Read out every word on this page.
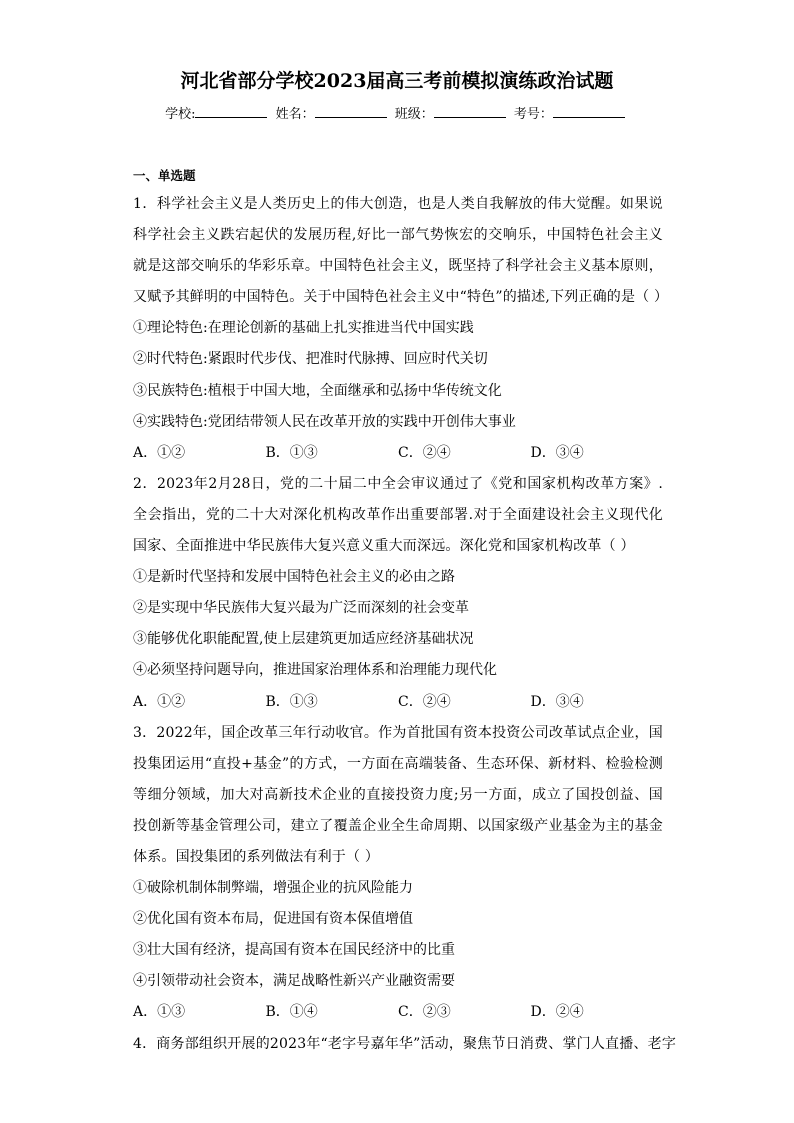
河北省部分学校2023届高三考前模拟演练政治试题
学校:	姓名：	班级：	考号：
一、单选题
1．科学社会主义是人类历史上的伟大创造，也是人类自我解放的伟大觉醒。如果说科学社会主义跌宕起伏的发展历程,好比一部气势恢宏的交响乐，中国特色社会主义就是这部交响乐的华彩乐章。中国特色社会主义，既坚持了科学社会主义基本原则，又赋予其鲜明的中国特色。关于中国特色社会主义中“特色”的描述,下列正确的是（ ）
①理论特色:在理论创新的基础上扎实推进当代中国实践
②时代特色:紧跟时代步伐、把准时代脉搏、回应时代关切
③民族特色:植根于中国大地，全面继承和弘扬中华传统文化
④实践特色:党团结带领人民在改革开放的实践中开创伟大事业
A．①②	B．①③	C．②④	D．③④
2．2023年2月28日，党的二十届二中全会审议通过了《党和国家机构改革方案》.全会指出，党的二十大对深化机构改革作出重要部署.对于全面建设社会主义现代化国家、全面推进中华民族伟大复兴意义重大而深远。深化党和国家机构改革（ ）
①是新时代坚持和发展中国特色社会主义的必由之路
②是实现中华民族伟大复兴最为广泛而深刻的社会变革
③能够优化职能配置,使上层建筑更加适应经济基础状况
④必须坚持问题导向，推进国家治理体系和治理能力现代化
A．①②	B．①③	C．②④	D．③④
3．2022年，国企改革三年行动收官。作为首批国有资本投资公司改革试点企业，国投集团运用“直投+基金”的方式，一方面在高端装备、生态环保、新材料、检验检测等细分领域，加大对高新技术企业的直接投资力度;另一方面，成立了国投创益、国投创新等基金管理公司，建立了覆盖企业全生命周期、以国家级产业基金为主的基金体系。国投集团的系列做法有利于（ ）
①破除机制体制弊端，增强企业的抗风险能力
②优化国有资本布局，促进国有资本保值增值
③壮大国有经济，提高国有资本在国民经济中的比重
④引领带动社会资本，满足战略性新兴产业融资需要
A．①③	B．①④	C．②③	D．②④
4．商务部组织开展的2023年“老字号嘉年华”活动，聚焦节日消费、掌门人直播、老字
